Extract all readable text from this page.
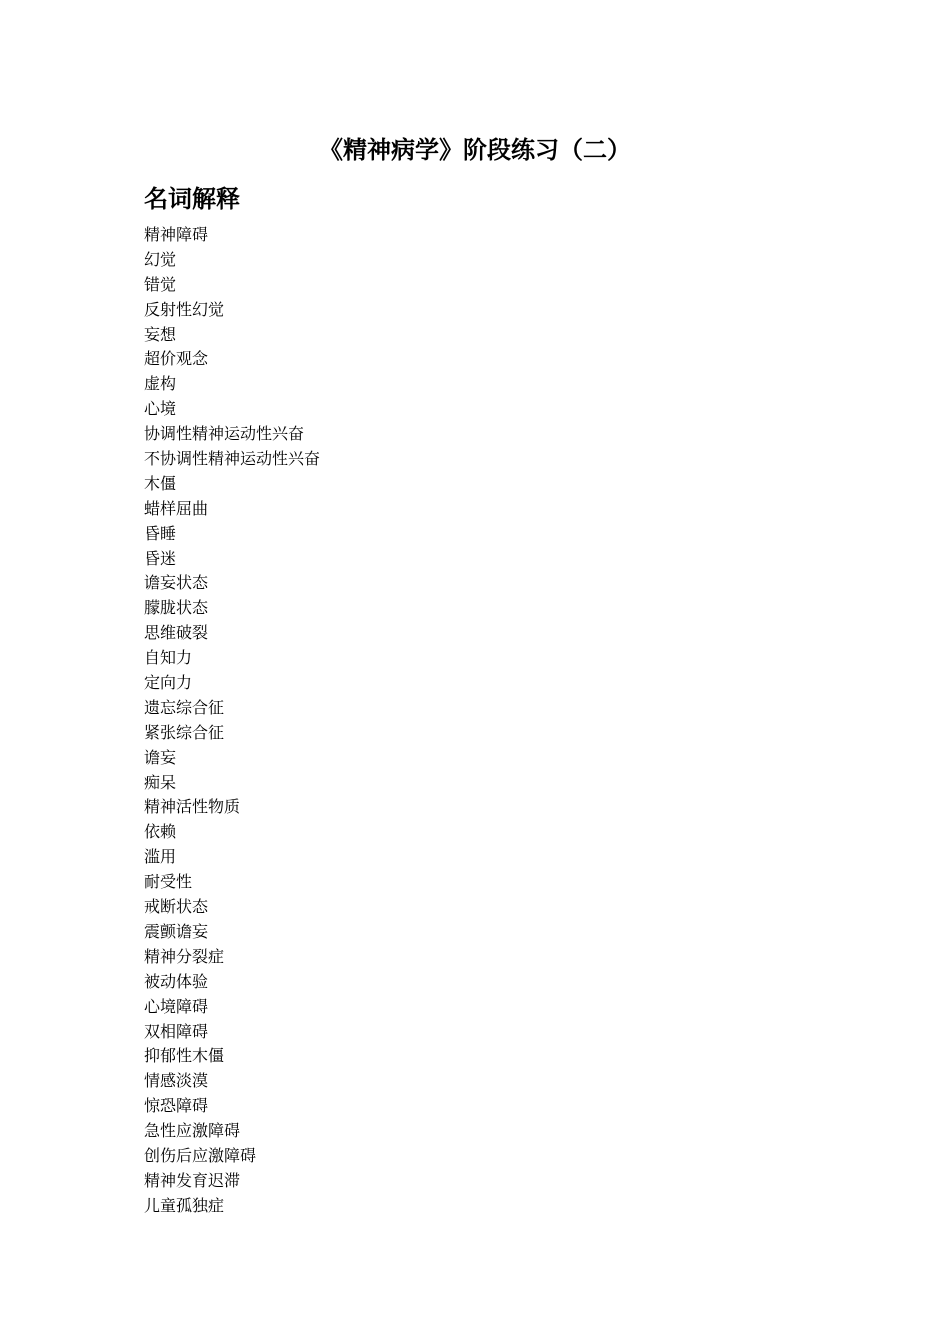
《精神病学》阶段练习（二）
名词解释
精神障碍
幻觉
错觉
反射性幻觉
妄想
超价观念
虚构
心境
协调性精神运动性兴奋
不协调性精神运动性兴奋
木僵
蜡样屈曲
昏睡
昏迷
谵妄状态
朦胧状态
思维破裂
自知力
定向力
遗忘综合征
紧张综合征
谵妄
痴呆
精神活性物质
依赖
滥用
耐受性
戒断状态
震颤谵妄
精神分裂症
被动体验
心境障碍
双相障碍
抑郁性木僵
情感淡漠
惊恐障碍
急性应激障碍
创伤后应激障碍
精神发育迟滞
儿童孤独症
